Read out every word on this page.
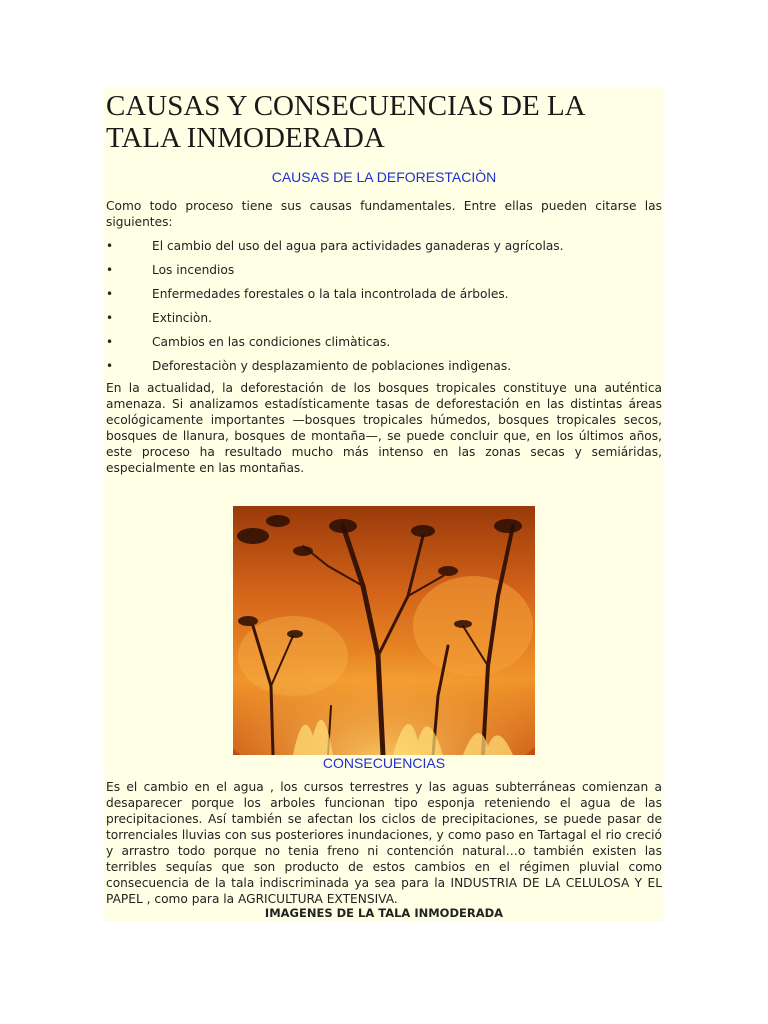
CAUSAS Y CONSECUENCIAS DE LA TALA INMODERADA

CAUSAS DE LA DEFORESTACIÒN

Como todo proceso tiene sus causas fundamentales. Entre ellas pueden citarse las siguientes:

•	El cambio del uso del agua para actividades ganaderas y agrícolas.
•	Los incendios
•	Enfermedades forestales o la tala incontrolada de árboles.
•	Extinciòn.
•	Cambios en las condiciones climàticas.
•	Deforestaciòn y desplazamiento de poblaciones indìgenas.

En la actualidad, la deforestación de los bosques tropicales constituye una auténtica amenaza. Si analizamos estadísticamente tasas de deforestación en las distintas áreas ecológicamente importantes —bosques tropicales húmedos, bosques tropicales secos, bosques de llanura, bosques de montaña—, se puede concluir que, en los últimos años, este proceso ha resultado mucho más intenso en las zonas secas y semiáridas, especialmente en las montañas.

CONSECUENCIAS

Es el cambio en el agua , los cursos terrestres y las aguas subterráneas comienzan a desaparecer porque los arboles funcionan tipo esponja reteniendo el agua de las precipitaciones. Así también se afectan los ciclos de precipitaciones, se puede pasar de torrenciales lluvias con sus posteriores inundaciones, y como paso en Tartagal el rio creció y arrastro todo porque no tenia freno ni contención natural…o también existen las terribles sequías que son producto de estos cambios en el régimen pluvial como consecuencia de la tala indiscriminada ya sea para la INDUSTRIA DE LA CELULOSA Y EL PAPEL , como para la AGRICULTURA EXTENSIVA.

IMAGENES DE LA TALA INMODERADA
